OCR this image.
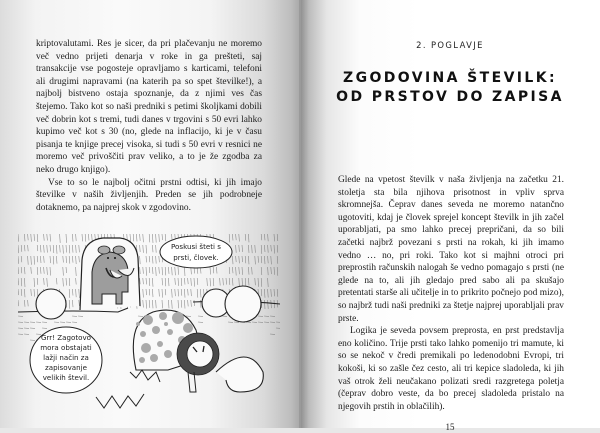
kriptovalutami. Res je sicer, da pri plačevanju ne moremo več vedno prijeti denarja v roke in ga prešteti, saj transakcije vse pogosteje opravljamo s karticami, telefoni ali drugimi napravami (na katerih pa so spet številke!), a najbolj bistveno ostaja spoznanje, da z njimi ves čas štejemo. Tako kot so naši predniki s petimi školjkami dobili več dobrin kot s tremi, tudi danes v trgovini s 50 evri lahko kupimo več kot s 30 (no, glede na inflacijo, ki je v času pisanja te knjige precej visoka, si tudi s 50 evri v resnici ne moremo več privoščiti prav veliko, a to je že zgodba za neko drugo knjigo).

Vse to so le najbolj očitni prstni odtisi, ki jih imajo številke v naših življenjih. Preden se jih podrobneje dotaknemo, pa najprej skok v zgodovino.

Poskusi šteti s
prsti, človek.
Grr! Zagotovo
mora obstajati
lažji način za
zapisovanje
velikih števil.
2. POGLAVJE
ZGODOVINA ŠTEVILK:
OD PRSTOV DO ZAPISA

Glede na vpetost številk v naša življenja na začetku 21. stoletja sta bila njihova prisotnost in vpliv sprva skromnejša. Čeprav danes seveda ne moremo natančno ugotoviti, kdaj je človek sprejel koncept številk in jih začel uporabljati, pa smo lahko precej prepričani, da so bili začetki najbrž povezani s prsti na rokah, ki jih imamo vedno … no, pri roki. Tako kot si majhni otroci pri preprostih računskih nalogah še vedno pomagajo s prsti (ne glede na to, ali jih gledajo pred sabo ali pa skušajo pretentati starše ali učitelje in to prikrito počnejo pod mizo), so najbrž tudi naši predniki za štetje najprej uporabljali prav prste.

Logika je seveda povsem preprosta, en prst predstavlja eno količino. Trije prsti tako lahko pomenijo tri mamute, ki so se nekoč v čredi premikali po ledenodobni Evropi, tri kokoši, ki so zašle čez cesto, ali tri kepice sladoleda, ki jih vaš otrok želi neučakano polizati sredi razgretega poletja (čeprav dobro veste, da bo precej sladoleda pristalo na njegovih prstih in oblačilih).

15
